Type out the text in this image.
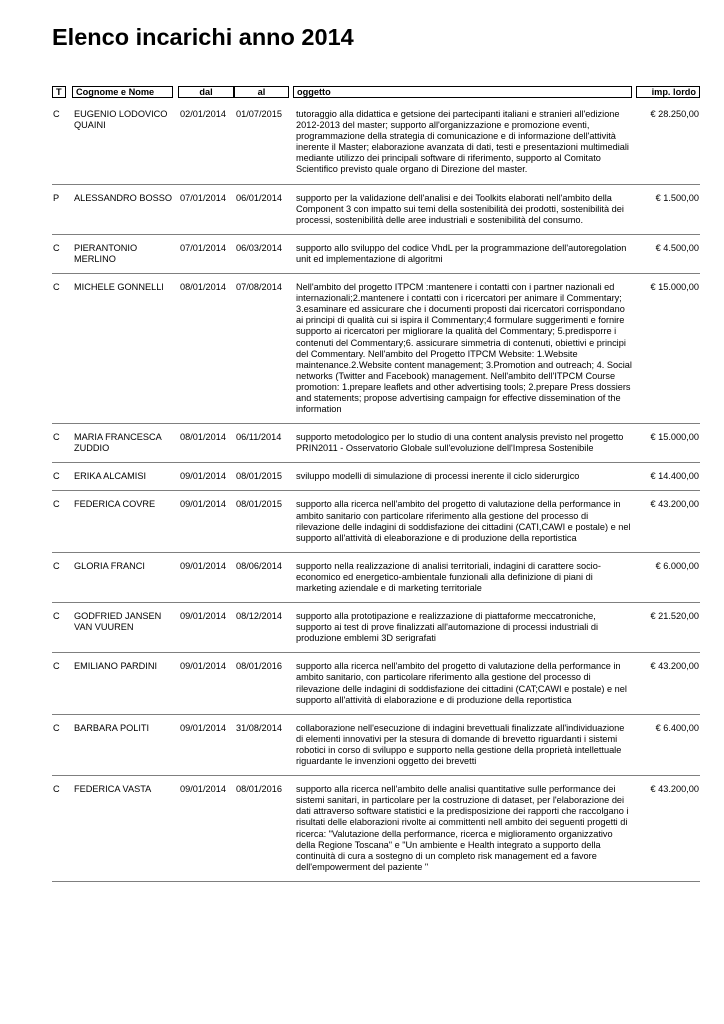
Elenco incarichi anno 2014
T	Cognome e Nome	dal	al	oggetto	imp. lordo
C EUGENIO LODOVICO QUAINI
02/01/2014 01/07/2015	€ 28.250,00
tutoraggio alla didattica e getsione dei partecipanti italiani e stranieri all'edizione 2012-2013 del master; supporto all'organizzazione e promozione eventi, programmazione della strategia di comunicazione e di informazione dell'attività inerente il Master; elaborazione avanzata di dati, testi e presentazioni multimediali mediante utilizzo dei principali software di riferimento, supporto al Comitato Scientifico previsto quale organo di Direzione del master.
P ALESSANDRO BOSSO 07/01/2014 06/01/2014	€ 1.500,00
supporto per la validazione dell'analisi e dei Toolkits elaborati nell'ambito della Component 3 con impatto sui temi della sostenibilità dei prodotti, sostenibilità dei processi, sostenibilità delle aree industriali e sostenibilità del consumo.
C PIERANTONIO MERLINO
07/01/2014 06/03/2014	€ 4.500,00
supporto allo sviluppo del codice VhdL per la programmazione dell'autoregolation unit ed implementazione di algoritmi
C MICHELE GONNELLI	08/01/2014 07/08/2014	€ 15.000,00
Nell'ambito del progetto ITPCM :mantenere i contatti con i partner nazionali ed internazionali;2.mantenere i contatti con i ricercatori per animare il Commentary; 3.esaminare ed assicurare che i documenti proposti dai ricercatori corrispondano ai principi di qualità cui si ispira il Commentary;4 formulare suggerimenti e fornire supporto ai ricercatori per migliorare la qualità del Commentary; 5.predisporre i contenuti del Commentary;6. assicurare simmetria di contenuti, obiettivi e principi del Commentary. Nell'ambito del Progetto ITPCM Website: 1.Website maintenance.2.Website content management; 3.Promotion and outreach; 4. Social networks (Twitter and Facebook) management. Nell'ambito dell'ITPCM Course promotion: 1.prepare leaflets and other advertising tools; 2.prepare Press dossiers and statements; propose advertising campaign for effective dissemination of the information
C MARIA FRANCESCA ZUDDIO
08/01/2014 06/11/2014	€ 15.000,00
supporto metodologico per lo studio di una content analysis previsto nel progetto PRIN2011 - Osservatorio Globale sull'evoluzione dell'Impresa Sostenibile
C ERIKA ALCAMISI	09/01/2014 08/01/2015	€ 14.400,00
sviluppo modelli di simulazione di processi inerente il ciclo siderurgico
C FEDERICA COVRE	09/01/2014 08/01/2015	€ 43.200,00
supporto alla ricerca nell'ambito del progetto di valutazione della performance in ambito sanitario con particolare riferimento alla gestione del processo di rilevazione delle indagini di soddisfazione dei cittadini (CATI,CAWI e postale) e nel supporto all'attività di eleaborazione e di produzione della reportistica
C GLORIA FRANCI	09/01/2014 08/06/2014	€ 6.000,00
supporto nella realizzazione di analisi territoriali, indagini di carattere socio-economico ed energetico-ambientale funzionali alla definizione di piani di marketing aziendale e di marketing territoriale
C GODFRIED JANSEN VAN VUUREN
09/01/2014 08/12/2014	€ 21.520,00
supporto alla prototipazione e realizzazione di piattaforme meccatroniche, supporto ai test di prove finalizzati all'automazione di processi industriali di produzione emblemi 3D serigrafati
C EMILIANO PARDINI	09/01/2014 08/01/2016	€ 43.200,00
supporto alla ricerca nell'ambito del progetto di valutazione della performance in ambito sanitario, con particolare riferimento alla gestione del processo di rilevazione delle indagini di soddisfazione dei cittadini (CAT;CAWI e postale) e nel supporto all'attività di elaborazione e di produzione della reportistica
C BARBARA POLITI	09/01/2014 31/08/2014	€ 6.400,00
collaborazione nell'esecuzione di indagini brevettuali finalizzate all'individuazione di elementi innovativi per la stesura di domande di brevetto riguardanti i sistemi robotici in corso di sviluppo e supporto nella gestione della proprietà intellettuale riguardante le invenzioni oggetto dei brevetti
C FEDERICA VASTA	09/01/2014 08/01/2016	€ 43.200,00
supporto alla ricerca nell'ambito delle analisi quantitative sulle performance dei sistemi sanitari, in particolare per la costruzione di dataset, per l'elaborazione dei dati attraverso software statistici e la predisposizione dei rapporti che raccolgano i risultati delle elaborazioni rivolte ai committenti nell ambito dei seguenti progetti di ricerca: "Valutazione della performance, ricerca e miglioramento organizzativo della Regione Toscana" e "Un ambiente e Health integrato a supporto della continuità di cura a sostegno di un completo risk management ed a favore dell'empowerment del paziente "
